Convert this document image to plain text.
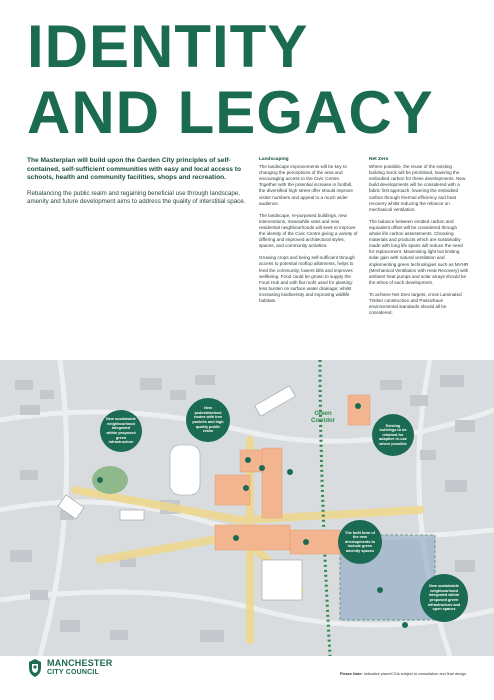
IDENTITY
AND LEGACY

The Masterplan will build upon the Garden City principles of self-contained, self-sufficient communities with easy and local access to schools, health and community facilities, shops and recreation.

Rebalancing the public realm and regaining beneficial use through landscape, amenity and future development aims to address the quality of interstitial space.

Landscaping

The landscape improvements will be key to changing the perceptions of the area and encouraging access to the Civic Centre. Together with the potential increase in footfall, the diversified high street offer should improve visitor numbers and appeal to a much wider audience.

The landscape, re-purposed buildings, new interventions, meanwhile uses and new residential neighbourhoods will seek to improve the identity of the Civic Centre giving a variety of differing and improved architectural styles, spaces, and community activities.

Growing crops and being self-sufficient through access to potential rooftop allotments, helps to feed the community, lowers bills and improves wellbeing. Food could be grown to supply the Food Hub and with flat roofs used for planting: less burden on surface water drainage; whilst increasing biodiversity and improving wildlife habitats.

Net Zero

Where possible, the reuse of the existing building stock will be prioritised, lowering the embodied carbon for these developments. New build developments will be considered with a fabric first approach, lowering the embodied carbon through thermal efficiency and heat recovery whilst reducing the reliance on mechanical ventilation.

The balance between emitted carbon and equivalent offset will be considered through whole life carbon assessments. Choosing materials and products which are sustainably made with long life spans will reduce the need for replacement. Maximising light but limiting solar gain with natural ventilation and implementing green technologies such as MVHR (Mechanical Ventilation with Heat Recovery) with ambient heat pumps and solar arrays should be the ethos of each development.

To achieve Net Zero targets, cross Laminated Timber construction and Passivhaus environmental standards should all be considered.

New sustainable neighbourhood integrated within proposed green infrastructure
New pedestrianised routes with tree pockets and high quality public realm
Existing buildings to be retained for adaptive re-use where possible
The built form of the new developments to include green amenity spaces
New sustainable neighbourhood integrated within proposed green infrastructure and open spaces
Green Corridor
MANCHESTER
CITY COUNCIL	Please Note: Indicative plans/CGIs subject to consultation and final design.
